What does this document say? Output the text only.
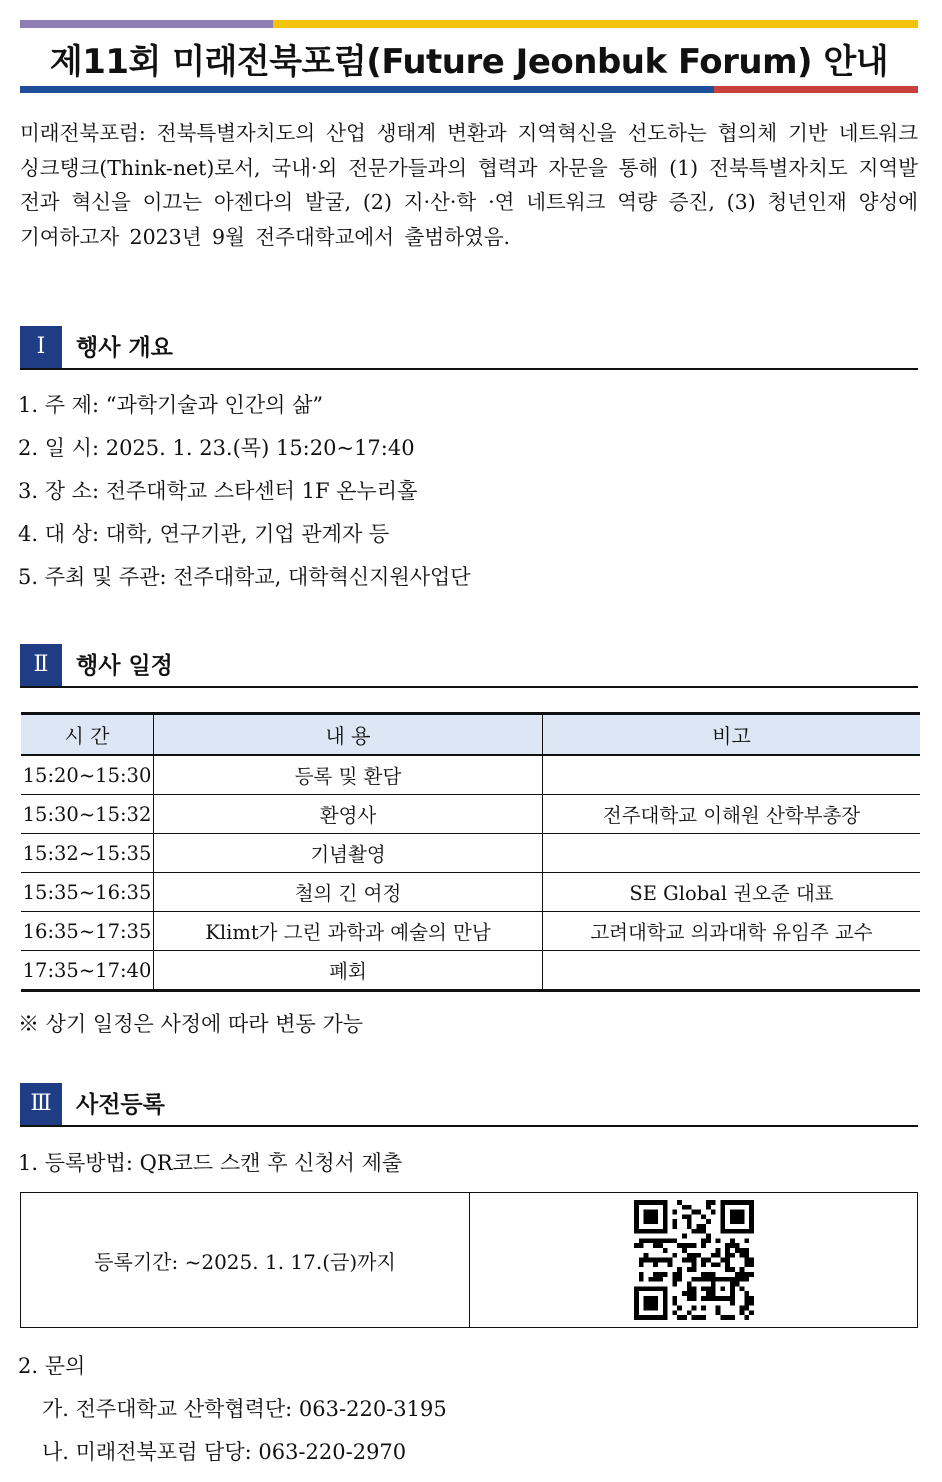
제11회 미래전북포럼(Future Jeonbuk Forum) 안내
미래전북포럼: 전북특별자치도의 산업 생태계 변환과 지역혁신을 선도하는 협의체 기반 네트워크 싱크탱크(Think-net)로서, 국내·외 전문가들과의 협력과 자문을 통해 (1) 전북특별자치도 지역발전과 혁신을 이끄는 아젠다의 발굴, (2) 지·산·학 ·연 네트워크 역량 증진, (3) 청년인재 양성에 기여하고자 2023년 9월 전주대학교에서 출범하였음.
Ⅰ	행사 개요
1. 주 제: “과학기술과 인간의 삶”
2. 일 시: 2025. 1. 23.(목) 15:20~17:40
3. 장 소: 전주대학교 스타센터 1F 온누리홀
4. 대 상: 대학, 연구기관, 기업 관계자 등
5. 주최 및 주관: 전주대학교, 대학혁신지원사업단
Ⅱ	행사 일정
시 간	내 용	비고
15:20~15:30	등록 및 환담	
15:30~15:32	환영사	전주대학교 이해원 산학부총장
15:32~15:35	기념촬영	
15:35~16:35	철의 긴 여정	SE Global 권오준 대표
16:35~17:35	Klimt가 그린 과학과 예술의 만남	고려대학교 의과대학 유임주 교수
17:35~17:40	폐회	
※ 상기 일정은 사정에 따라 변동 가능
Ⅲ	사전등록
1. 등록방법: QR코드 스캔 후 신청서 제출
등록기간: ~2025. 1. 17.(금)까지
2. 문의
가. 전주대학교 산학협력단: 063-220-3195
나. 미래전북포럼 담당: 063-220-2970
